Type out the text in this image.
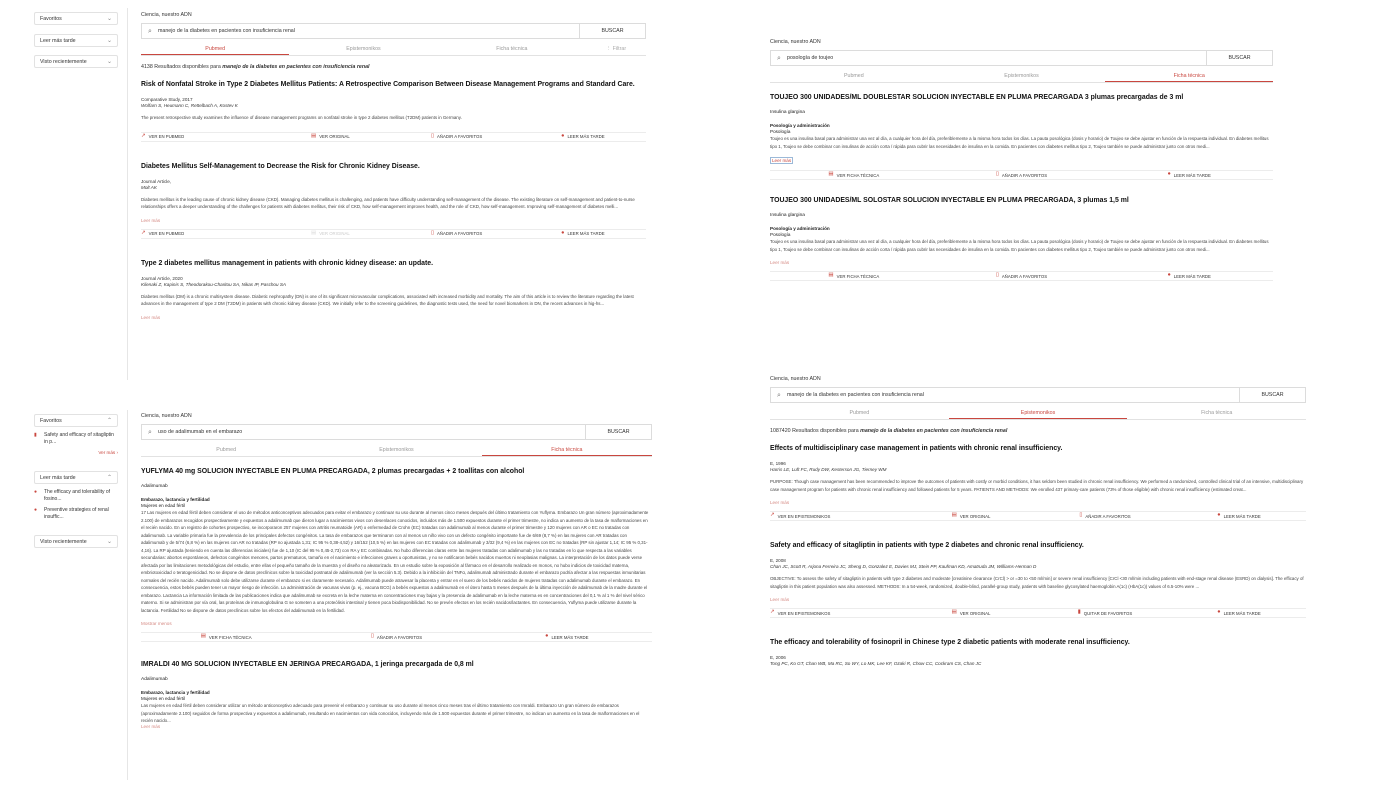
Favoritos	⌄
Leer más tarde	⌄
Visto recientemente	⌄
Favoritos	⌃
▮	Safety and efficacy of sitagliptin in p...
Ver más ›
Leer más tarde	⌃
●	The efficacy and tolerability of fosino...
●	Preventive strategies of renal insuffic...
Visto recientemente	⌄
Ciencia, nuestro ADN
⌕	manejo de la diabetes en pacientes con insuficiencia renal	BUSCAR
Pubmed	Epistemonikos	Ficha técnica	⋮ Filtrar
4138 Resultados disponibles para manejo de la diabetes en pacientes con insuficiencia renal
Risk of Nonfatal Stroke in Type 2 Diabetes Mellitus Patients: A Retrospective Comparison Between Disease Management Programs and Standard Care.
Comparative Study, 2017
Wolfarn S, Heumann C, Rettelbach A, Kostev K
The present retrospective study examines the influence of disease management programs on nonfatal stroke in type 2 diabetes mellitus (T2DM) patients in Germany.
↗ VER EN PUBMED	▤ VER ORIGINAL	▯ AÑADIR A FAVORITOS	● LEER MÁS TARDE
Diabetes Mellitus Self-Management to Decrease the Risk for Chronic Kidney Disease.
Journal Article,
Molt AK
Diabetes mellitus is the leading cause of chronic kidney disease (CKD). Managing diabetes mellitus is challenging, and patients have difficulty understanding self-management of the disease. The existing literature on self-management and patient-to-nurse relationships offers a deeper understanding of the challenges for patients with diabetes mellitus, their risk of CKD, how self-management improves health, and the role of CKD, how self-management. Improving self-management of diabetes melli...
Leer más
↗ VER EN PUBMED	▤ VER ORIGINAL	▯ AÑADIR A FAVORITOS	● LEER MÁS TARDE
Type 2 diabetes mellitus management in patients with chronic kidney disease: an update.
Journal Article, 2020
Kilenaki Z, Kapinis S, Theodorakou-Charitou SA, Nikas IP, Paschou SA
Diabetes mellitus (DM) is a chronic multisystem disease. Diabetic nephropathy (DN) is one of its significant microvascular complications, associated with increased morbidity and mortality. The aim of this article is to review the literature regarding the latest advances in the management of type 2 DM (T2DM) in patients with chronic kidney disease (CKD). We initially refer to the screening guidelines, the diagnostic tests used, the need for novel biomarkers in DN, the recent advances in hig-hs...
Leer más
Ciencia, nuestro ADN
⌕	posología de toujeo	BUSCAR
Pubmed	Epistemonikos	Ficha técnica
TOUJEO 300 UNIDADES/ML DOUBLESTAR SOLUCION INYECTABLE EN PLUMA PRECARGADA 3 plumas precargadas de 3 ml
Insulina glargina
Posología y administración
Posología
Toujeo es una insulina basal para administrar una vez al día, a cualquier hora del día, preferiblemente a la misma hora todos los días. La pauta posológica (dosis y horario) de Toujeo se debe ajustar en función de la respuesta individual. En diabetes mellitus tipo 1, Toujeo se debe combinar con insulinas de acción corta / rápida para cubrir las necesidades de insulina en la comida. En pacientes con diabetes mellitus tipo 2, Toujeo también se puede administrar junto con otros medi...
Leer más
▤ VER FICHA TÉCNICA	▯ AÑADIR A FAVORITOS	● LEER MÁS TARDE
TOUJEO 300 UNIDADES/ML SOLOSTAR SOLUCION INYECTABLE EN PLUMA PRECARGADA, 3 plumas 1,5 ml
Insulina glargina
Posología y administración
Posología
Toujeo es una insulina basal para administrar una vez al día, a cualquier hora del día, preferiblemente a la misma hora todos los días. La pauta posológica (dosis y horario) de Toujeo se debe ajustar en función de la respuesta individual. En diabetes mellitus tipo 1, Toujeo se debe combinar con insulinas de acción corta / rápida para cubrir las necesidades de insulina en la comida. En pacientes con diabetes mellitus tipo 2, Toujeo también se puede administrar junto con otros medi...
Leer más
▤ VER FICHA TÉCNICA	▯ AÑADIR A FAVORITOS	● LEER MÁS TARDE
Ciencia, nuestro ADN
⌕	uso de adalimumab en el embarazo	BUSCAR
Pubmed	Epistemonikos	Ficha técnica
YUFLYMA 40 mg SOLUCION INYECTABLE EN PLUMA PRECARGADA, 2 plumas precargadas + 2 toallitas con alcohol
Adalimumab
Embarazo, lactancia y fertilidad
Mujeres en edad fértil
17 Las mujeres en edad fértil deben considerar el uso de métodos anticonceptivos adecuados para evitar el embarazo y continuar su uso durante al menos cinco meses después del último tratamiento con Yuflyma. Embarazo Un gran número (aproximadamente 2.100) de embarazos recogidos prospectivamente y expuestos a adalimumab que dieron lugar a nacimientos vivos con desenlaces conocidos, incluidos más de 1.500 expuestos durante el primer trimestre, no indica un aumento de la tasa de malformaciones en el recién nacido. En un registro de cohortes prospectivo, se incorporaron 257 mujeres con artritis reumatoide (AR) o enfermedad de Crohn (EC) tratadas con adalimumab al menos durante el primer trimestre y 120 mujeres con AR o EC no tratadas con adalimumab. La variable primaria fue la prevalencia de los principales defectos congénitos. La tasa de embarazos que terminaron con al menos un niño vivo con un defecto congénito importante fue de 6/69 (8,7 %) en las mujeres con AR tratadas con adalimumab y de 5/74 (6,8 %) en las mujeres con AR no tratadas (RP no ajustada 1,31; IC 95 % 0,38-4,52) y 16/152 (10,5 %) en las mujeres con EC tratadas con adalimumab y 3/32 (9,4 %) en las mujeres con EC no tratadas (RP sin ajustar 1,14; IC 95 % 0,31-4,16). La RP ajustada (teniendo en cuenta las diferencias iniciales) fue de 1,10 (IC del 95 % 0,45-2,73) con RA y EC combinadas. No hubo diferencias claras entre las mujeres tratadas con adalimumab y las no tratadas en lo que respecta a las variables secundarias: abortos espontáneos, defectos congénitos menores, partos prematuros, tamaño en el nacimiento e infecciones graves u oportunistas, y no se notificaron bebés nacidos muertos ni neoplasias malignas. La interpretación de los datos puede verse afectada por las limitaciones metodológicas del estudio, entre ellas el pequeño tamaño de la muestra y el diseño no aleatorizado. En un estudio sobre la exposición al fármaco en el desarrollo realizado en monos, no hubo indicios de toxicidad materna, embriotoxicidad o teratogenicidad. No se dispone de datos preclínicos sobre la toxicidad postnatal de adalimumab (ver la sección 5.3). Debido a la inhibición del TNFα, adalimumab administrado durante el embarazo podría afectar a las respuestas inmunitarias normales del recién nacido. Adalimumab solo debe utilizarse durante el embarazo si es claramente necesario. Adalimumab puede atravesar la placenta y entrar en el suero de los bebés nacidos de mujeres tratadas con adalimumab durante el embarazo. En consecuencia, estos bebés pueden tener un mayor riesgo de infección. La administración de vacunas vivas (p. ej., vacuna BCG) a bebés expuestos a adalimumab en el útero hasta 5 meses después de la última inyección de adalimumab de la madre durante el embarazo. Lactancia La información limitada de las publicaciones indica que adalimumab se excreta en la leche materna en concentraciones muy bajas y la presencia de adalimumab en la leche materna es en concentraciones del 0,1 % al 1 % del nivel sérico materno. Si se administran por vía oral, las proteínas de inmunoglobulina G se someten a una proteólisis intestinal y tienen poca biodisponibilidad. No se prevén efectos en los recién nacidos/lactantes. En consecuencia, Yuflyma puede utilizarse durante la lactancia. Fertilidad No se dispone de datos preclínicos sobre los efectos del adalimumab en la fertilidad.
Mostrar menos
▤ VER FICHA TÉCNICA	▯ AÑADIR A FAVORITOS	● LEER MÁS TARDE
IMRALDI 40 MG SOLUCION INYECTABLE EN JERINGA PRECARGADA, 1 jeringa precargada de 0,8 ml
Adalimumab
Embarazo, lactancia y fertilidad
Mujeres en edad fértil
Las mujeres en edad fértil deben considerar utilizar un método anticonceptivo adecuado para prevenir el embarazo y continuar su uso durante al menos cinco meses tras el último tratamiento con Imraldi. Embarazo Un gran número de embarazos (aproximadamente 2.100) seguidos de forma prospectiva y expuestos a adalimumab, resultando en nacimientos con vida conocidos, incluyendo más de 1.500 expuestos durante el primer trimestre, no indican un aumento en la tasa de malformaciones en el recién nacido...
Leer más
Ciencia, nuestro ADN
⌕	manejo de la diabetes en pacientes con insuficiencia renal	BUSCAR
Pubmed	Epistemonikos	Ficha técnica
1087420 Resultados disponibles para manejo de la diabetes en pacientes con insuficiencia renal
Effects of multidisciplinary case management in patients with chronic renal insufficiency.
E, 1996
Harris LE, Luft FC, Rudy DW, Kesterson JG, Tierney WM
PURPOSE: Though case management has been recommended to improve the outcomes of patients with costly or morbid conditions, it has seldom been studied in chronic renal insufficiency. We performed a randomized, controlled clinical trial of an intensive, multidisciplinary case management program for patients with chronic renal insufficiency and followed patients for 5 years. PATIENTS AND METHODS: We enrolled 437 primary-care patients (73% of those eligible) with chronic renal insufficiency (estimated creat...
Leer más
↗ VER EN EPISTEMONIKOS	▤ VER ORIGINAL	▯ AÑADIR A FAVORITOS	● LEER MÁS TARDE
Safety and efficacy of sitagliptin in patients with type 2 diabetes and chronic renal insufficiency.
E, 2008
Chan JC, Scott R, Arjona Ferreira JC, Sheng D, Gonzalez E, Davies MJ, Stein PP, Kaufman KD, Amatruda JM, Williams-Herman D
OBJECTIVE: To assess the safety of sitagliptin in patients with type 2 diabetes and moderate [creatinine clearance (CrCl) > or =30 to <50 ml/min] or severe renal insufficiency [CrCl <30 ml/min including patients with end-stage renal disease (ESRD) on dialysis]. The efficacy of sitagliptin in this patient population was also assessed. METHODS: In a 54-week, randomized, double-blind, parallel-group study, patients with baseline glycosylated haemoglobin A(1c) (HbA(1c)) values of 6.5-10% were ...
Leer más
↗ VER EN EPISTEMONIKOS	▤ VER ORIGINAL	▮ QUITAR DE FAVORITOS	● LEER MÁS TARDE
The efficacy and tolerability of fosinopril in Chinese type 2 diabetic patients with moderate renal insufficiency.
E, 2006
Tong PC, Ko GT, Chan WB, Ma RC, So WY, Lo MK, Lee KF, Ozaki R, Chow CC, Cockram CS, Chan JC
